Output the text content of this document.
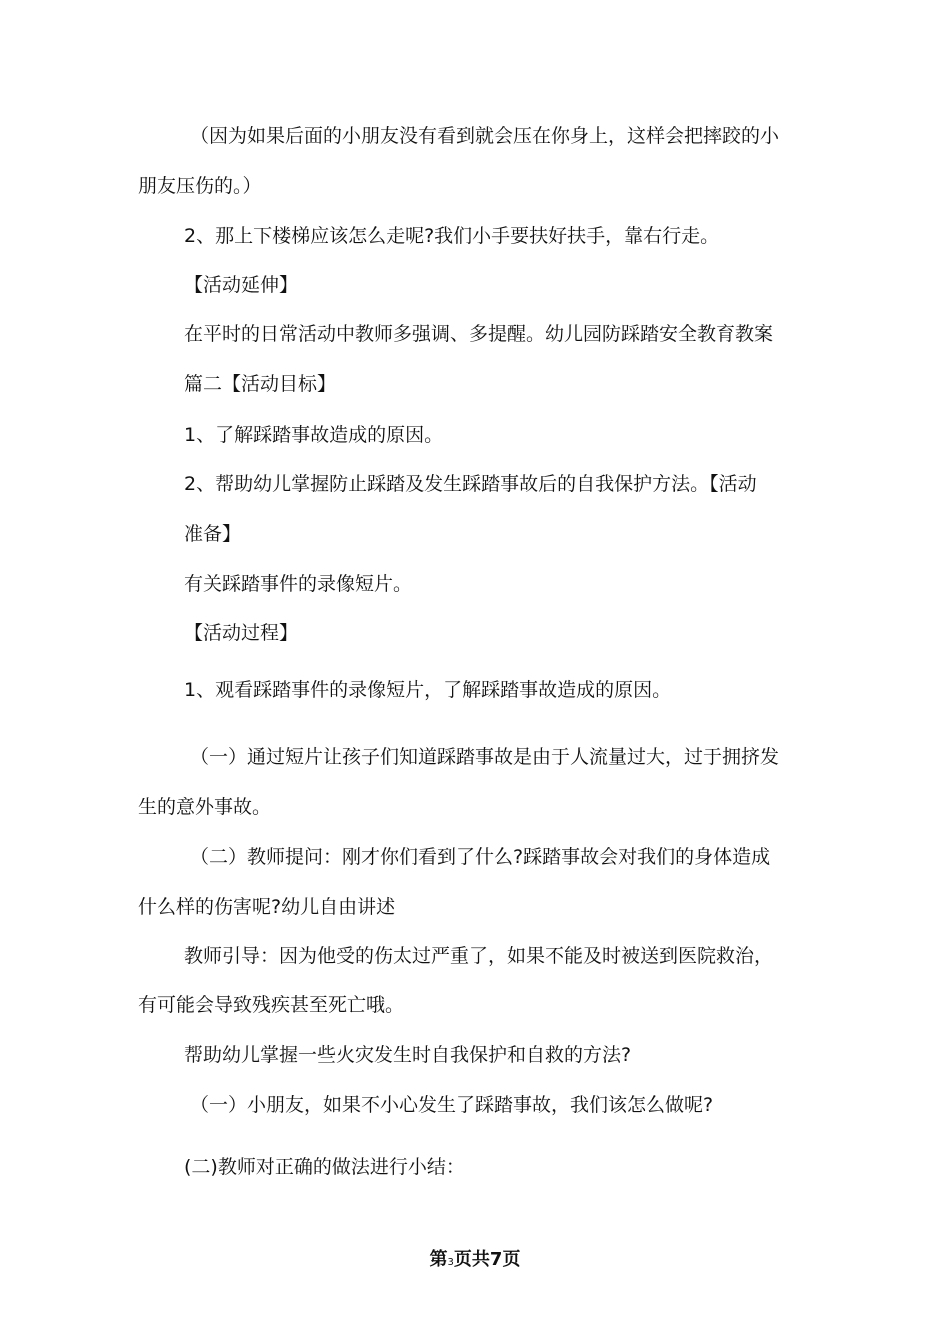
（因为如果后面的小朋友没有看到就会压在你身上，这样会把摔跤的小
朋友压伤的。）
2、那上下楼梯应该怎么走呢?我们小手要扶好扶手，靠右行走。
【活动延伸】
在平时的日常活动中教师多强调、多提醒。幼儿园防踩踏安全教育教案
篇二【活动目标】
1、了解踩踏事故造成的原因。
2、帮助幼儿掌握防止踩踏及发生踩踏事故后的自我保护方法。【活动
准备】
有关踩踏事件的录像短片。
【活动过程】
1、观看踩踏事件的录像短片，了解踩踏事故造成的原因。
（一）通过短片让孩子们知道踩踏事故是由于人流量过大，过于拥挤发
生的意外事故。
（二）教师提问：刚才你们看到了什么?踩踏事故会对我们的身体造成
什么样的伤害呢?幼儿自由讲述
教师引导：因为他受的伤太过严重了，如果不能及时被送到医院救治，
有可能会导致残疾甚至死亡哦。
帮助幼儿掌握一些火灾发生时自我保护和自救的方法?
（一）小朋友，如果不小心发生了踩踏事故，我们该怎么做呢?
(二)教师对正确的做法进行小结：
第3页共7页
